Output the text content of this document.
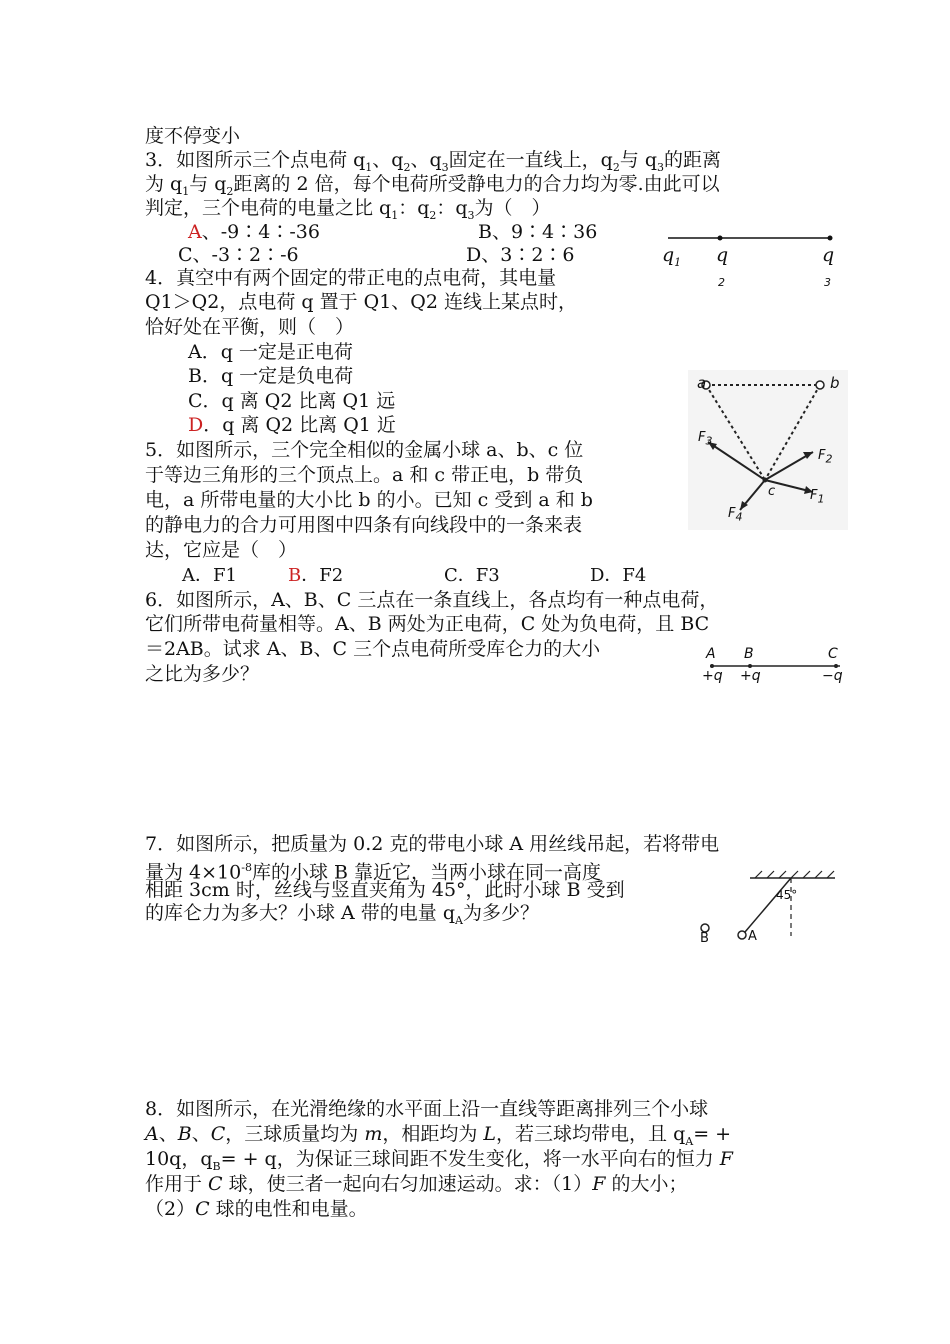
度不停变小
3．如图所示三个点电荷 $q_1$、$q_2$、$q_3$固定在一直线上，$q_2$与 $q_3$的距离
为 $q_1$与 $q_2$距离的 2 倍，每个电荷所受静电力的合力均为零.由此可以
判定，三个电荷的电量之比 $q_1$：$q_2$：$q_3$为（　）
A、-9∶4∶-36	B、9∶4∶36
C、-3∶2∶-6	D、3∶2∶6	$q_1$ q	q
2	3
4．真空中有两个固定的带正电的点电荷，其电量
Q1＞Q2，点电荷 q 置于 Q1、Q2 连线上某点时，
恰好处在平衡，则（　）
A．q 一定是正电荷
B．q 一定是负电荷
C．q 离 Q2 比离 Q1 远
D．q 离 Q2 比离 Q1 近
a	b
c	$F_1$
$F_2$
$F_3$
$F_4$
5．如图所示，三个完全相似的金属小球 a、b、c 位
于等边三角形的三个顶点上。a 和 c 带正电，b 带负
电，a 所带电量的大小比 b 的小。已知 c 受到 a 和 b
的静电力的合力可用图中四条有向线段中的一条来表
达，它应是（　）
A．F1	B．F2	C．F3	D．F4
6．如图所示，A、B、C 三点在一条直线上，各点均有一种点电荷，
它们所带电荷量相等。A、B 两处为正电荷，C 处为负电荷，且 BC
＝2AB。试求 A、B、C 三个点电荷所受库仑力的大小
之比为多少？
A B	C
+q +q	−q
7．如图所示，把质量为 0.2 克的带电小球 A 用丝线吊起，若将带电
量为 $4\times 10^{-8}$库的小球 B 靠近它，当两小球在同一高度
相距 3cm 时，丝线与竖直夹角为 45°，此时小球 B 受到
的库仑力为多大？小球 A 带的电量 $q_A$为多少？
45°
A
B
8．如图所示，在光滑绝缘的水平面上沿一直线等距离排列三个小球
A、B、C，三球质量均为 m，相距均为 L，若三球均带电，且 $q_A=$ +
10q，$q_B= + q$，为保证三球间距不发生变化，将一水平向右的恒力 F
作用于 C 球，使三者一起向右匀加速运动。求：（1）F 的大小；
（2）C 球的电性和电量。
